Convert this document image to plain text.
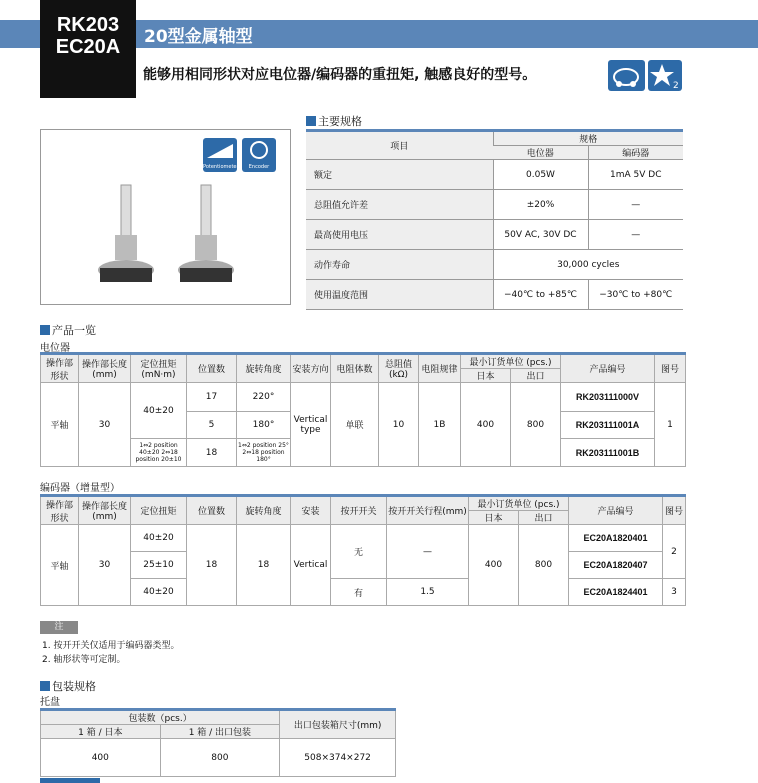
RK203
EC20A	20型金属轴型
能够用相同形状对应电位器/编码器的重扭矩, 触感良好的型号。
2
Potentiometer	Encoder
主要规格
项目	规格	
	电位器	编码器
额定	0.05W	1mA 5V DC
总阻值允许差	±20%	—
最高使用电压	50V AC, 30V DC	—
动作寿命	30,000 cycles	
使用温度范围	−40℃ to +85℃	−30℃ to +80℃
产品一览
电位器
操作部形状	操作部长度(mm)	定位扭矩(mN·m)	位置数	旋转角度	安装方向	电阻体数	总阻值(kΩ)	电阻规律	最小订货单位 (pcs.)		产品编号	图号
									日本	出口		
平轴	30	40±20	17	220°	Vertical type	单联	10	1B	400	800	RK203111000V	1
			5	180°							RK203111001A	
		1⇔2 position 40±20 2⇔18 position 20±10	18	1⇔2 position 25° 2⇔18 position 180°							RK203111001B	
编码器（增量型）
操作部形状	操作部长度(mm)	定位扭矩	位置数	旋转角度	安装	按开开关	按开开关行程(mm)	最小订货单位 (pcs.)		产品编号	图号
								日本	出口		
平轴	30	40±20	18	18	Vertical	无	—	400	800	EC20A1820401	2
		25±10								EC20A1820407	
		40±20				有	1.5			EC20A1824401	3
注
1. 按开开关仅适用于编码器类型。
2. 轴形状等可定制。
包装规格
托盘
包装数（pcs.）		出口包装箱尺寸(mm)
1 箱 / 日本	1 箱 / 出口包装	
400	800	508×374×272
